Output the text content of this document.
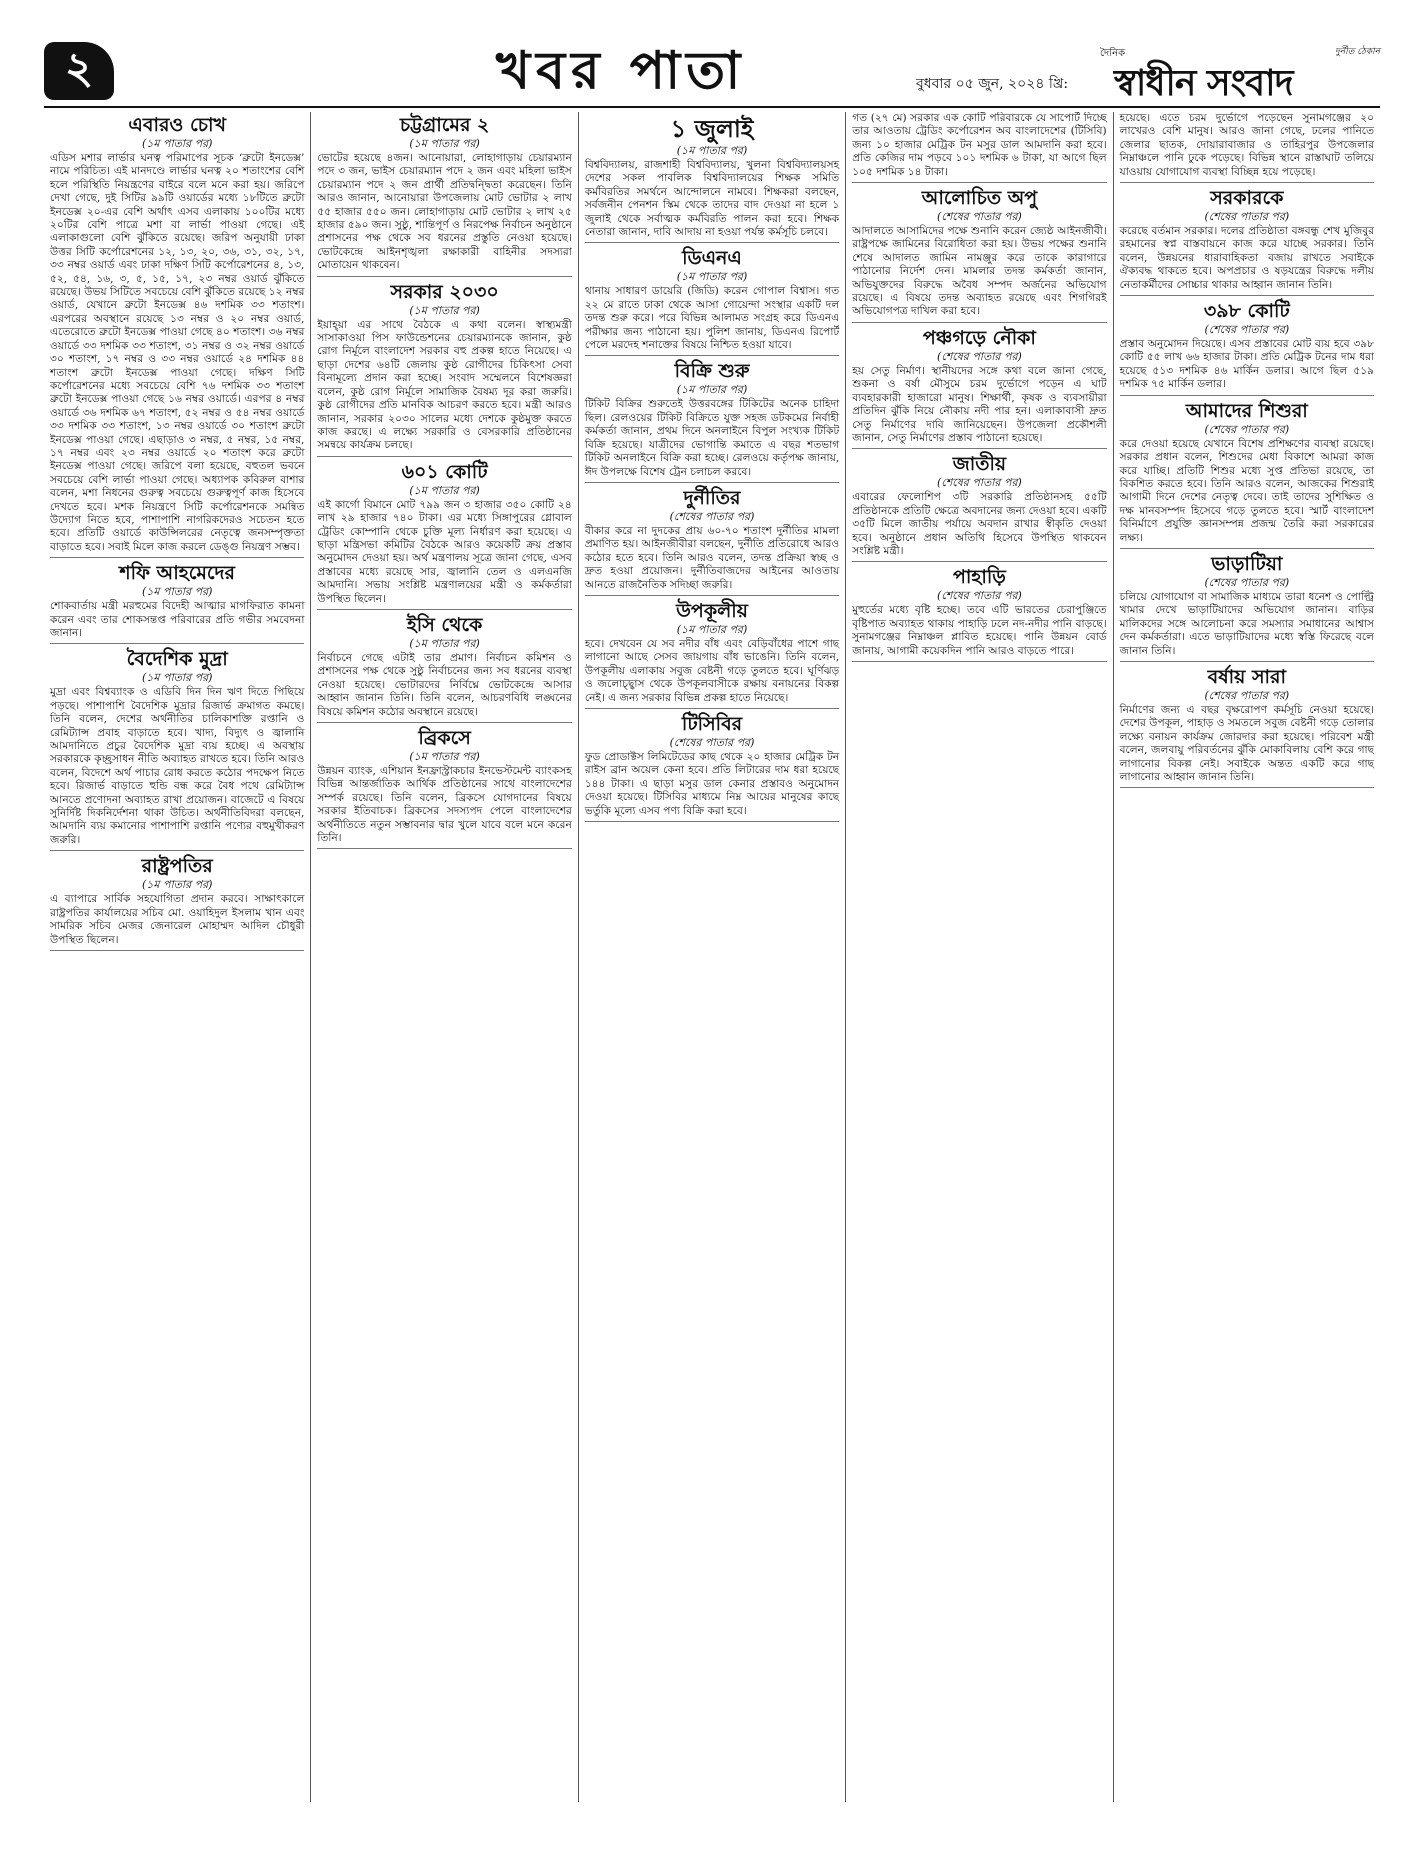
২	খবর পাতা	বুধবার ০৫ জুন, ২০২৪ খ্রি:
দৈনিক	দুর্নীত ঠেকান
স্বাধীন সংবাদ
এবারও চোখ
(১ম পাতার পর)

এডিস মশার লার্ভার ঘনত্ব পরিমাপের সূচক ‘ব্রুটো ইনডেক্স’ নামে পরিচিত। এই মানদণ্ডে লার্ভার ঘনত্ব ২০ শতাংশের বেশি হলে পরিস্থিতি নিয়ন্ত্রণের বাইরে বলে মনে করা হয়। জরিপে দেখা গেছে, দুই সিটির ৯৯টি ওয়ার্ডের মধ্যে ১৮টিতে ব্রুটো ইনডেক্স ২০-এর বেশি অর্থাৎ এসব এলাকায় ১০০টির মধ্যে ২০টির বেশি পাত্রে মশা বা লার্ভা পাওয়া গেছে। এই এলাকাগুলো বেশি ঝুঁকিতে রয়েছে। জরিপ অনুযায়ী ঢাকা উত্তর সিটি কর্পোরেশনের ১২, ১৩, ২০, ৩৬, ৩১, ৩২, ১৭, ৩৩ নম্বর ওয়ার্ড এবং ঢাকা দক্ষিণ সিটি কর্পোরেশনের ৪, ১৩, ৫২, ৫৪, ১৬, ৩, ৫, ১৫, ১৭, ২৩ নম্বর ওয়ার্ড ঝুঁকিতে রয়েছে। উভয় সিটিতে সবচেয়ে বেশি ঝুঁকিতে রয়েছে ১২ নম্বর ওয়ার্ড, যেখানে ব্রুটো ইনডেক্স ৪৬ দশমিক ৩৩ শতাংশ। এরপরের অবস্থানে রয়েছে ১৩ নম্বর ও ২০ নম্বর ওয়ার্ড, এতেরোতে ব্রুটো ইনডেক্স পাওয়া গেছে ৪০ শতাংশ। ৩৬ নম্বর ওয়ার্ডে ৩৩ দশমিক ৩৩ শতাংশ, ৩১ নম্বর ও ৩২ নম্বর ওয়ার্ডে ৩০ শতাংশ, ১৭ নম্বর ও ৩৩ নম্বর ওয়ার্ডে ২৪ দশমিক ৪৪ শতাংশ ব্রুটো ইনডেক্স পাওয়া গেছে। দক্ষিণ সিটি কর্পোরেশনের মধ্যে সবচেয়ে বেশি ৭৬ দশমিক ৩৩ শতাংশ ব্রুটো ইনডেক্স পাওয়া গেছে ১৬ নম্বর ওয়ার্ডে। এরপর ৪ নম্বর ওয়ার্ডে ৩৬ দশমিক ৬৭ শতাংশ, ৫২ নম্বর ও ৫৪ নম্বর ওয়ার্ডে ৩৩ দশমিক ৩৩ শতাংশ, ১৩ নম্বর ওয়ার্ডে ৩০ শতাংশ ব্রুটো ইনডেক্স পাওয়া গেছে। এছাড়াও ৩ নম্বর, ৫ নম্বর, ১৫ নম্বর, ১৭ নম্বর এবং ২৩ নম্বর ওয়ার্ডে ২০ শতাংশ করে ব্রুটো ইনডেক্স পাওয়া গেছে। জরিপে বলা হয়েছে, বহুতল ভবনে সবচেয়ে বেশি লার্ভা পাওয়া গেছে। অধ্যাপক কবিরুল বাশার বলেন, মশা নিধনের গুরুত্ব সবচেয়ে গুরুত্বপূর্ণ কাজ হিসেবে দেখতে হবে। মশক নিয়ন্ত্রণে সিটি কর্পোরেশনকে সমন্বিত উদ্যোগ নিতে হবে, পাশাপাশি নাগরিকদেরও সচেতন হতে হবে। প্রতিটি ওয়ার্ডে কাউন্সিলরের নেতৃত্বে জনসম্পৃক্ততা বাড়াতে হবে। সবাই মিলে কাজ করলে ডেঙ্গু নিয়ন্ত্রণ সম্ভব।

শফি আহমেদের
(১ম পাতার পর)

শোকবার্তায় মন্ত্রী মরহুমের বিদেহী আত্মার মাগফিরাত কামনা করেন এবং তার শোকসন্তপ্ত পরিবারের প্রতি গভীর সমবেদনা জানান।

বৈদেশিক মুদ্রা
(১ম পাতার পর)

মুদ্রা এবং বিশ্বব্যাংক ও এডিবি দিন দিন ঋণ দিতে পিছিয়ে পড়ছে। পাশাপাশি বৈদেশিক মুদ্রার রিজার্ভ ক্রমাগত কমছে। তিনি বলেন, দেশের অর্থনীতির চালিকাশক্তি রপ্তানি ও রেমিট্যান্স প্রবাহ বাড়াতে হবে। খাদ্য, বিদ্যুৎ ও জ্বালানি আমদানিতে প্রচুর বৈদেশিক মুদ্রা ব্যয় হচ্ছে। এ অবস্থায় সরকারকে কৃচ্ছ্রসাধন নীতি অব্যাহত রাখতে হবে। তিনি আরও বলেন, বিদেশে অর্থ পাচার রোধ করতে কঠোর পদক্ষেপ নিতে হবে। রিজার্ভ বাড়াতে হুন্ডি বন্ধ করে বৈধ পথে রেমিট্যান্স আনতে প্রণোদনা অব্যাহত রাখা প্রয়োজন। বাজেটে এ বিষয়ে সুনির্দিষ্ট দিকনির্দেশনা থাকা উচিত। অর্থনীতিবিদরা বলছেন, আমদানি ব্যয় কমানোর পাশাপাশি রপ্তানি পণ্যের বহুমুখীকরণ জরুরি।

রাষ্ট্রপতির
(১ম পাতার পর)

এ ব্যাপারে সার্বিক সহযোগিতা প্রদান করবে। সাক্ষাৎকালে রাষ্ট্রপতির কার্যালয়ের সচিব মো. ওয়াহিদুল ইসলাম খান এবং সামরিক সচিব মেজর জেনারেল মোহাম্মদ আদিল চৌধুরী উপস্থিত ছিলেন।

চট্টগ্রামের ২
(১ম পাতার পর)

ভোটের হয়েছে ৪জন। আনোয়ারা, লোহাগাড়ায় চেয়ারম্যান পদে ৩ জন, ভাইস চেয়ারম্যান পদে ২ জন এবং মহিলা ভাইস চেয়ারম্যান পদে ২ জন প্রার্থী প্রতিদ্বন্দ্বিতা করেছেন। তিনি আরও জানান, আনোয়ারা উপজেলায় মোট ভোটার ২ লাখ ৫৫ হাজার ৫৫০ জন। লোহাগাড়ায় মোট ভোটার ২ লাখ ২৫ হাজার ৫৯০ জন। সুষ্ঠু, শান্তিপূর্ণ ও নিরপেক্ষ নির্বাচন অনুষ্ঠানে প্রশাসনের পক্ষ থেকে সব ধরনের প্রস্তুতি নেওয়া হয়েছে। ভোটকেন্দ্রে আইনশৃঙ্খলা রক্ষাকারী বাহিনীর সদস্যরা মোতায়েন থাকবেন।

সরকার ২০৩০
(১ম পাতার পর)

ইয়াহ্য়া এর সাথে বৈঠকে এ কথা বলেন। স্বাস্থ্যমন্ত্রী সাসাকাওয়া পিস ফাউন্ডেশনের চেয়ারম্যানকে জানান, কুষ্ঠ রোগ নির্মূলে বাংলাদেশ সরকার বহু প্রকল্প হাতে নিয়েছে। এ ছাড়া দেশের ৬৪টি জেলায় কুষ্ঠ রোগীদের চিকিৎসা সেবা বিনামূল্যে প্রদান করা হচ্ছে। সংবাদ সম্মেলনে বিশেষজ্ঞরা বলেন, কুষ্ঠ রোগ নির্মূলে সামাজিক বৈষম্য দূর করা জরুরি। কুষ্ঠ রোগীদের প্রতি মানবিক আচরণ করতে হবে। মন্ত্রী আরও জানান, সরকার ২০৩০ সালের মধ্যে দেশকে কুষ্ঠমুক্ত করতে কাজ করছে। এ লক্ষ্যে সরকারি ও বেসরকারি প্রতিষ্ঠানের সমন্বয়ে কার্যক্রম চলছে।

৬০১ কোটি
(১ম পাতার পর)

এই কার্গো বিমানে মোট ৭৯৯ জন ৩ হাজার ৩৫০ কোটি ২৪ লাখ ২৯ হাজার ৭৪০ টাকা। এর মধ্যে সিঙ্গাপুরের গ্লোবাল ট্রেডিং কোম্পানি থেকে চুক্তি মূল্য নির্ধারণ করা হয়েছে। এ ছাড়া মন্ত্রিসভা কমিটির বৈঠকে আরও কয়েকটি ক্রয় প্রস্তাব অনুমোদন দেওয়া হয়। অর্থ মন্ত্রণালয় সূত্রে জানা গেছে, এসব প্রস্তাবের মধ্যে রয়েছে সার, জ্বালানি তেল ও এলএনজি আমদানি। সভায় সংশ্লিষ্ট মন্ত্রণালয়ের মন্ত্রী ও কর্মকর্তারা উপস্থিত ছিলেন।

ইসি থেকে
(১ম পাতার পর)

নির্বাচনে গেছে এটাই তার প্রমাণ। নির্বাচন কমিশন ও প্রশাসনের পক্ষ থেকে সুষ্ঠু নির্বাচনের জন্য সব ধরনের ব্যবস্থা নেওয়া হয়েছে। ভোটারদের নির্বিঘ্নে ভোটকেন্দ্রে আসার আহ্বান জানান তিনি। তিনি বলেন, আচরণবিধি লঙ্ঘনের বিষয়ে কমিশন কঠোর অবস্থানে রয়েছে।

ব্রিকসে
(১ম পাতার পর)

উন্নয়ন ব্যাংক, এশিয়ান ইনফ্রাস্ট্রাকচার ইনভেস্টমেন্ট ব্যাংকসহ বিভিন্ন আন্তর্জাতিক আর্থিক প্রতিষ্ঠানের সাথে বাংলাদেশের সম্পর্ক রয়েছে। তিনি বলেন, ব্রিকসে যোগদানের বিষয়ে সরকার ইতিবাচক। ব্রিকসের সদস্যপদ পেলে বাংলাদেশের অর্থনীতিতে নতুন সম্ভাবনার দ্বার খুলে যাবে বলে মনে করেন তিনি।

১ জুলাই
(১ম পাতার পর)

বিশ্ববিদ্যালয়, রাজশাহী বিশ্ববিদ্যালয়, খুলনা বিশ্ববিদ্যালয়সহ দেশের সকল পাবলিক বিশ্ববিদ্যালয়ের শিক্ষক সমিতি কর্মবিরতির সমর্থনে আন্দোলনে নামবে। শিক্ষকরা বলছেন, সর্বজনীন পেনশন স্কিম থেকে তাদের বাদ দেওয়া না হলে ১ জুলাই থেকে সর্বাত্মক কর্মবিরতি পালন করা হবে। শিক্ষক নেতারা জানান, দাবি আদায় না হওয়া পর্যন্ত কর্মসূচি চলবে।

ডিএনএ
(১ম পাতার পর)

থানায় সাধারণ ডায়েরি (জিডি) করেন গোপাল বিশ্বাস। গত ২২ মে রাতে ঢাকা থেকে আসা গোয়েন্দা সংস্থার একটি দল তদন্ত শুরু করে। পরে বিভিন্ন আলামত সংগ্রহ করে ডিএনএ পরীক্ষার জন্য পাঠানো হয়। পুলিশ জানায়, ডিএনএ রিপোর্ট পেলে মরদেহ শনাক্তের বিষয়ে নিশ্চিত হওয়া যাবে।

বিক্রি শুরু
(১ম পাতার পর)

টিকিট বিক্রির শুরুতেই উত্তরবঙ্গের টিকিটের অনেক চাহিদা ছিল। রেলওয়ের টিকিট বিক্রিতে যুক্ত সহজ ডটকমের নির্বাহী কর্মকর্তা জানান, প্রথম দিনে অনলাইনে বিপুল সংখ্যক টিকিট বিক্রি হয়েছে। যাত্রীদের ভোগান্তি কমাতে এ বছর শতভাগ টিকিট অনলাইনে বিক্রি করা হচ্ছে। রেলওয়ে কর্তৃপক্ষ জানায়, ঈদ উপলক্ষে বিশেষ ট্রেন চলাচল করবে।

দুর্নীতির
(শেষের পাতার পর)

বীকার করে না দুদকের প্রায় ৬০-৭০ শতাংশ দুর্নীতির মামলা প্রমাণিত হয়। আইনজীবীরা বলছেন, দুর্নীতি প্রতিরোধে আরও কঠোর হতে হবে। তিনি আরও বলেন, তদন্ত প্রক্রিয়া স্বচ্ছ ও দ্রুত হওয়া প্রয়োজন। দুর্নীতিবাজদের আইনের আওতায় আনতে রাজনৈতিক সদিচ্ছা জরুরি।

উপকূলীয়
(১ম পাতার পর)

হবে। দেখবেন যে সব নদীর বাঁধ এবং বেড়িবাঁধের পাশে গাছ লাগানো আছে সেসব জায়গায় বাঁধ ভাঙেনি। তিনি বলেন, উপকূলীয় এলাকায় সবুজ বেষ্টনী গড়ে তুলতে হবে। ঘূর্ণিঝড় ও জলোচ্ছ্বাস থেকে উপকূলবাসীকে রক্ষায় বনায়নের বিকল্প নেই। এ জন্য সরকার বিভিন্ন প্রকল্প হাতে নিয়েছে।

টিসিবির
(শেষের পাতার পর)

ফুড প্রোডাক্টস লিমিটেডের কাছ থেকে ২০ হাজার মেট্রিক টন রাইস ব্রান অয়েল কেনা হবে। প্রতি লিটারের দাম ধরা হয়েছে ১৪৪ টাকা। এ ছাড়া মসুর ডাল কেনার প্রস্তাবও অনুমোদন দেওয়া হয়েছে। টিসিবির মাধ্যমে নিম্ন আয়ের মানুষের কাছে ভর্তুকি মূল্যে এসব পণ্য বিক্রি করা হবে।

গত (২৭ মে) সরকার এক কোটি পরিবারকে যে সাপোর্ট দিচ্ছে তার আওতায় ট্রেডিং কর্পোরেশন অব বাংলাদেশের (টিসিবি) জন্য ১০ হাজার মেট্রিক টন মসুর ডাল আমদানি করা হবে। প্রতি কেজির দাম পড়বে ১০১ দশমিক ৬ টাকা, যা আগে ছিল ১০৫ দশমিক ১৪ টাকা।

আলোচিত অপু
(শেষের পাতার পর)

আদালতে আসামিদের পক্ষে শুনানি করেন জ্যেষ্ঠ আইনজীবী। রাষ্ট্রপক্ষে জামিনের বিরোধিতা করা হয়। উভয় পক্ষের শুনানি শেষে আদালত জামিন নামঞ্জুর করে তাকে কারাগারে পাঠানোর নির্দেশ দেন। মামলার তদন্ত কর্মকর্তা জানান, অভিযুক্তদের বিরুদ্ধে অবৈধ সম্পদ অর্জনের অভিযোগ রয়েছে। এ বিষয়ে তদন্ত অব্যাহত রয়েছে এবং শিগগিরই অভিযোগপত্র দাখিল করা হবে।

পঞ্চগড়ে নৌকা
(শেষের পাতার পর)

হয় সেতু নির্মাণ। স্থানীয়দের সঙ্গে কথা বলে জানা গেছে, শুকনা ও বর্ষা মৌসুমে চরম দুর্ভোগে পড়েন এ ঘাট ব্যবহারকারী হাজারো মানুষ। শিক্ষার্থী, কৃষক ও ব্যবসায়ীরা প্রতিদিন ঝুঁকি নিয়ে নৌকায় নদী পার হন। এলাকাবাসী দ্রুত সেতু নির্মাণের দাবি জানিয়েছেন। উপজেলা প্রকৌশলী জানান, সেতু নির্মাণের প্রস্তাব পাঠানো হয়েছে।

জাতীয়
(শেষের পাতার পর)

এবারের ফেলোশিপ ৩টি সরকারি প্রতিষ্ঠানসহ ৫৫টি প্রতিষ্ঠানকে প্রতিটি ক্ষেত্রে অবদানের জন্য দেওয়া হবে। একটি ৩৫টি মিলে জাতীয় পর্যায়ে অবদান রাখার স্বীকৃতি দেওয়া হবে। অনুষ্ঠানে প্রধান অতিথি হিসেবে উপস্থিত থাকবেন সংশ্লিষ্ট মন্ত্রী।

পাহাড়ি
(শেষের পাতার পর)

মুহুর্তের মধ্যে বৃষ্টি হচ্ছে। তবে এটি ভারতের চেরাপুঞ্জিতে বৃষ্টিপাত অব্যাহত থাকায় পাহাড়ি ঢলে নদ-নদীর পানি বাড়ছে। সুনামগঞ্জের নিম্নাঞ্চল প্লাবিত হয়েছে। পানি উন্নয়ন বোর্ড জানায়, আগামী কয়েকদিন পানি আরও বাড়তে পারে।

হয়েছে। এতে চরম দুর্ভোগে পড়েছেন সুনামগঞ্জের ২০ লাখেরও বেশি মানুষ। আরও জানা গেছে, ঢলের পানিতে জেলার ছাতক, দোয়ারাবাজার ও তাহিরপুর উপজেলার নিম্নাঞ্চলে পানি ঢুকে পড়েছে। বিভিন্ন স্থানে রাস্তাঘাট তলিয়ে যাওয়ায় যোগাযোগ ব্যবস্থা বিচ্ছিন্ন হয়ে পড়েছে।

সরকারকে
(শেষের পাতার পর)

করেছে বর্তমান সরকার। দলের প্রতিষ্ঠাতা বঙ্গবন্ধু শেখ মুজিবুর রহমানের স্বপ্ন বাস্তবায়নে কাজ করে যাচ্ছে সরকার। তিনি বলেন, উন্নয়নের ধারাবাহিকতা বজায় রাখতে সবাইকে ঐক্যবদ্ধ থাকতে হবে। অপপ্রচার ও ষড়যন্ত্রের বিরুদ্ধে দলীয় নেতাকর্মীদের সোচ্চার থাকার আহ্বান জানান তিনি।

৩৯৮ কোটি
(শেষের পাতার পর)

প্রস্তাব অনুমোদন দিয়েছে। এসব প্রস্তাবের মোট ব্যয় হবে ৩৯৮ কোটি ৫৫ লাখ ৬৬ হাজার টাকা। প্রতি মেট্রিক টনের দাম ধরা হয়েছে ৫১৩ দশমিক ৪৬ মার্কিন ডলার। আগে ছিল ৫১৯ দশমিক ৭৫ মার্কিন ডলার।

আমাদের শিশুরা
(শেষের পাতার পর)

করে দেওয়া হয়েছে যেখানে বিশেষ প্রশিক্ষণের ব্যবস্থা রয়েছে। সরকার প্রধান বলেন, শিশুদের মেধা বিকাশে আমরা কাজ করে যাচ্ছি। প্রতিটি শিশুর মধ্যে সুপ্ত প্রতিভা রয়েছে, তা বিকশিত করতে হবে। তিনি আরও বলেন, আজকের শিশুরাই আগামী দিনে দেশের নেতৃত্ব দেবে। তাই তাদের সুশিক্ষিত ও দক্ষ মানবসম্পদ হিসেবে গড়ে তুলতে হবে। স্মার্ট বাংলাদেশ বিনির্মাণে প্রযুক্তি জ্ঞানসম্পন্ন প্রজন্ম তৈরি করা সরকারের লক্ষ্য।

ভাড়াটিয়া
(শেষের পাতার পর)

চলিয়ে যোগাযোগ বা সামাজিক মাধ্যমে তারা ধনেশ ও পোল্ট্রি খামার দেখে ভাড়াটিয়াদের অভিযোগ জানান। বাড়ির মালিকদের সঙ্গে আলোচনা করে সমস্যার সমাধানের আশ্বাস দেন কর্মকর্তারা। এতে ভাড়াটিয়াদের মধ্যে স্বস্তি ফিরেছে বলে জানান তিনি।

বর্ষায় সারা
(শেষের পাতার পর)

নির্মাণের জন্য এ বছর বৃক্ষরোপণ কর্মসূচি নেওয়া হয়েছে। দেশের উপকূল, পাহাড় ও সমতলে সবুজ বেষ্টনী গড়ে তোলার লক্ষ্যে বনায়ন কার্যক্রম জোরদার করা হয়েছে। পরিবেশ মন্ত্রী বলেন, জলবায়ু পরিবর্তনের ঝুঁকি মোকাবিলায় বেশি করে গাছ লাগানোর বিকল্প নেই। সবাইকে অন্তত একটি করে গাছ লাগানোর আহ্বান জানান তিনি।
